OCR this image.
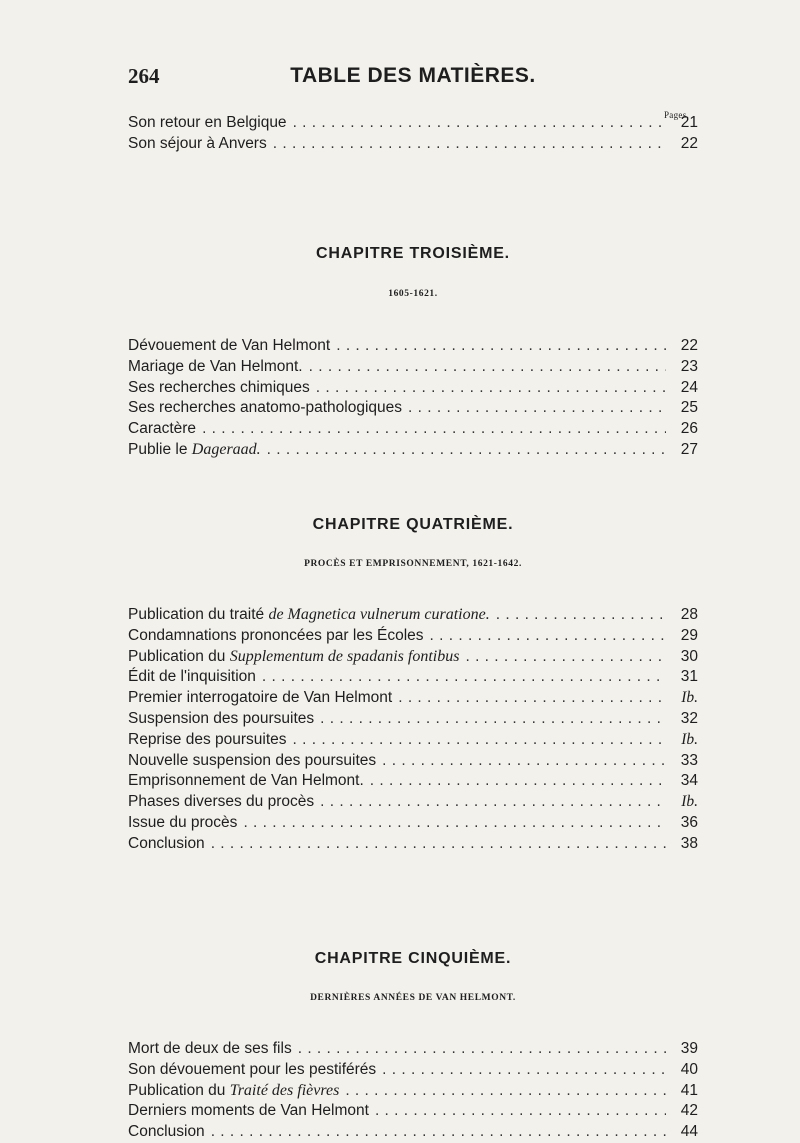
264	TABLE DES MATIÈRES.
Pages.
Son retour en Belgique . . .	21
Son séjour à Anvers . . .	22
CHAPITRE TROISIÈME.
1605-1621.
Dévouement de Van Helmont . . .	22
Mariage de Van Helmont. . . .	23
Ses recherches chimiques . . .	24
Ses recherches anatomo-pathologiques . . .	25
Caractère . . .	26
Publie le Dageraad. . . .	27
CHAPITRE QUATRIÈME.
PROCÈS ET EMPRISONNEMENT, 1621-1642.
Publication du traité de Magnetica vulnerum curatione. . . .	28
Condamnations prononcées par les Écoles . . .	29
Publication du Supplementum de spadanis fontibus . . .	30
Édit de l'inquisition . . .	31
Premier interrogatoire de Van Helmont . . .	Ib.
Suspension des poursuites . . .	32
Reprise des poursuites . . .	Ib.
Nouvelle suspension des poursuites . . .	33
Emprisonnement de Van Helmont. . . .	34
Phases diverses du procès . . .	Ib.
Issue du procès . . .	36
Conclusion . . .	38
CHAPITRE CINQUIÈME.
DERNIÈRES ANNÉES DE VAN HELMONT.
Mort de deux de ses fils . . .	39
Son dévouement pour les pestiférés . . .	40
Publication du Traité des fièvres . . .	41
Derniers moments de Van Helmont . . .	42
Conclusion . . .	44
